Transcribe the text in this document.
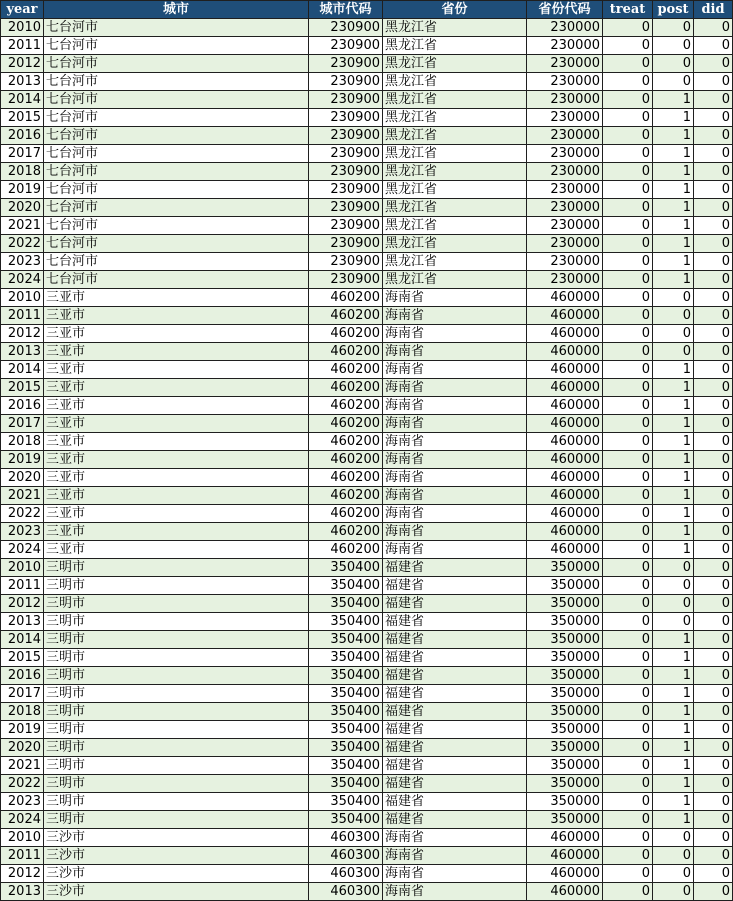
year	城市	城市代码	省份	省份代码	treat	post	did
2010	七台河市	230900	黑龙江省	230000	0	0	0
2011	七台河市	230900	黑龙江省	230000	0	0	0
2012	七台河市	230900	黑龙江省	230000	0	0	0
2013	七台河市	230900	黑龙江省	230000	0	0	0
2014	七台河市	230900	黑龙江省	230000	0	1	0
2015	七台河市	230900	黑龙江省	230000	0	1	0
2016	七台河市	230900	黑龙江省	230000	0	1	0
2017	七台河市	230900	黑龙江省	230000	0	1	0
2018	七台河市	230900	黑龙江省	230000	0	1	0
2019	七台河市	230900	黑龙江省	230000	0	1	0
2020	七台河市	230900	黑龙江省	230000	0	1	0
2021	七台河市	230900	黑龙江省	230000	0	1	0
2022	七台河市	230900	黑龙江省	230000	0	1	0
2023	七台河市	230900	黑龙江省	230000	0	1	0
2024	七台河市	230900	黑龙江省	230000	0	1	0
2010	三亚市	460200	海南省	460000	0	0	0
2011	三亚市	460200	海南省	460000	0	0	0
2012	三亚市	460200	海南省	460000	0	0	0
2013	三亚市	460200	海南省	460000	0	0	0
2014	三亚市	460200	海南省	460000	0	1	0
2015	三亚市	460200	海南省	460000	0	1	0
2016	三亚市	460200	海南省	460000	0	1	0
2017	三亚市	460200	海南省	460000	0	1	0
2018	三亚市	460200	海南省	460000	0	1	0
2019	三亚市	460200	海南省	460000	0	1	0
2020	三亚市	460200	海南省	460000	0	1	0
2021	三亚市	460200	海南省	460000	0	1	0
2022	三亚市	460200	海南省	460000	0	1	0
2023	三亚市	460200	海南省	460000	0	1	0
2024	三亚市	460200	海南省	460000	0	1	0
2010	三明市	350400	福建省	350000	0	0	0
2011	三明市	350400	福建省	350000	0	0	0
2012	三明市	350400	福建省	350000	0	0	0
2013	三明市	350400	福建省	350000	0	0	0
2014	三明市	350400	福建省	350000	0	1	0
2015	三明市	350400	福建省	350000	0	1	0
2016	三明市	350400	福建省	350000	0	1	0
2017	三明市	350400	福建省	350000	0	1	0
2018	三明市	350400	福建省	350000	0	1	0
2019	三明市	350400	福建省	350000	0	1	0
2020	三明市	350400	福建省	350000	0	1	0
2021	三明市	350400	福建省	350000	0	1	0
2022	三明市	350400	福建省	350000	0	1	0
2023	三明市	350400	福建省	350000	0	1	0
2024	三明市	350400	福建省	350000	0	1	0
2010	三沙市	460300	海南省	460000	0	0	0
2011	三沙市	460300	海南省	460000	0	0	0
2012	三沙市	460300	海南省	460000	0	0	0
2013	三沙市	460300	海南省	460000	0	0	0
